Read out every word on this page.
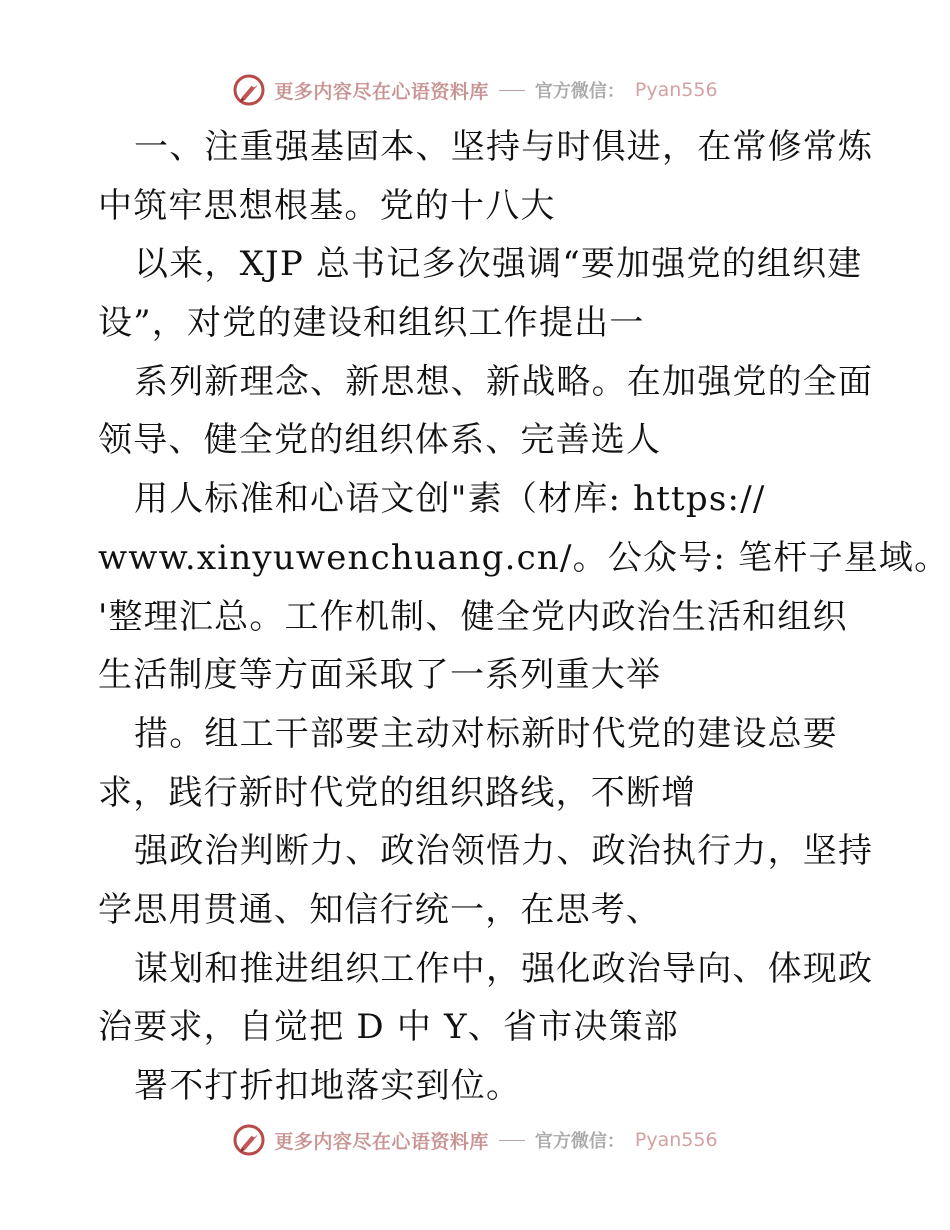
更多内容尽在心语资料库	官方微信： Pyan556
一、注重强基固本、坚持与时俱进，在常修常炼
中筑牢思想根基。党的十八大
以来，XJP 总书记多次强调“要加强党的组织建
设”，对党的建设和组织工作提出一
系列新理念、新思想、新战略。在加强党的全面
领导、健全党的组织体系、完善选人
用人标准和心语文创"素（材库: https://
www.xinyuwenchuang.cn/。公众号: 笔杆子星域。
'整理汇总。工作机制、健全党内政治生活和组织
生活制度等方面采取了一系列重大举
措。组工干部要主动对标新时代党的建设总要
求，践行新时代党的组织路线，不断增
强政治判断力、政治领悟力、政治执行力，坚持
学思用贯通、知信行统一，在思考、
谋划和推进组织工作中，强化政治导向、体现政
治要求，自觉把 D 中 Y、省市决策部
署不打折扣地落实到位。
更多内容尽在心语资料库	官方微信： Pyan556
